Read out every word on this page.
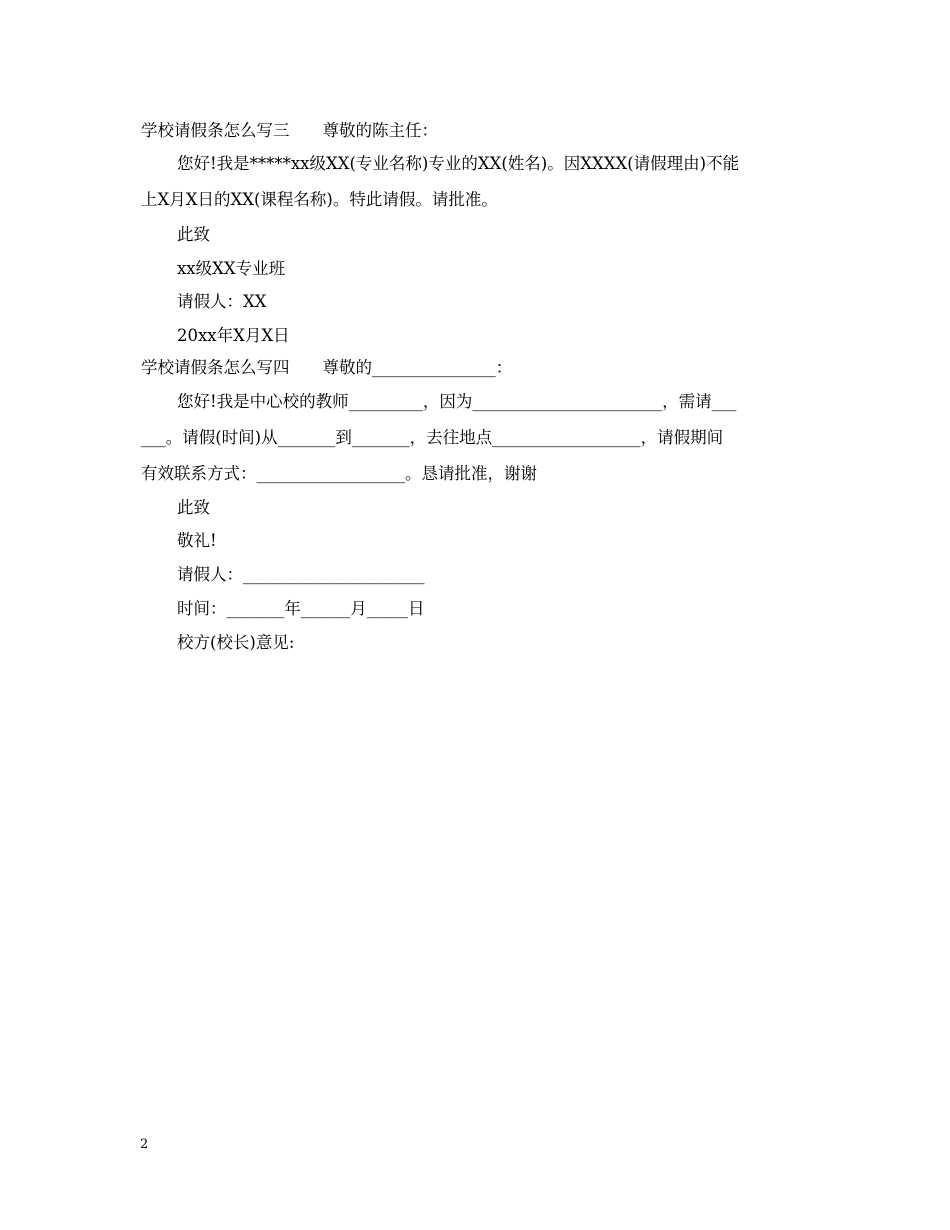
学校请假条怎么写三　　尊敬的陈主任：
您好!我是*****xx级XX(专业名称)专业的XX(姓名)。因XXXX(请假理由)不能
上X月X日的XX(课程名称)。特此请假。请批准。
此致
xx级XX专业班
请假人：XX
20xx年X月X日
学校请假条怎么写四　　尊敬的_______________：
您好!我是中心校的教师_________，因为_______________________，需请___
___。请假(时间)从_______到_______，去往地点__________________，请假期间
有效联系方式：__________________。恳请批准，谢谢
此致
敬礼!
请假人：______________________
时间：_______年______月_____日
校方(校长)意见:
2
